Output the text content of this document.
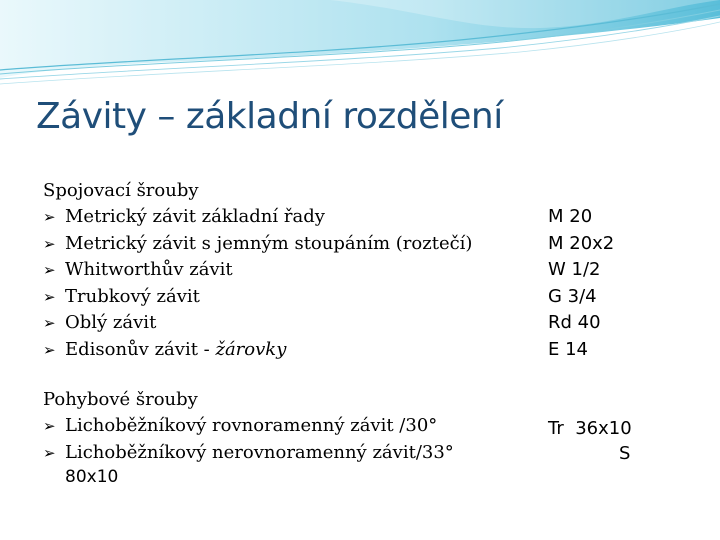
Závity – základní rozdělení
Spojovací šrouby
➢ Metrický závit základní řady
➢ Metrický závit s jemným stoupáním (roztečí)
➢ Whitworthův závit
➢ Trubkový závit
➢ Oblý závit
➢ Edisonův závit - žárovky
Pohybové šrouby
➢ Lichoběžníkový rovnoramenný závit /30°
➢ Lichoběžníkový nerovnoramenný závit/33°
80x10
M 20
M 20x2
W 1/2
G 3/4
Rd 40
E 14
Tr  36x10
S
